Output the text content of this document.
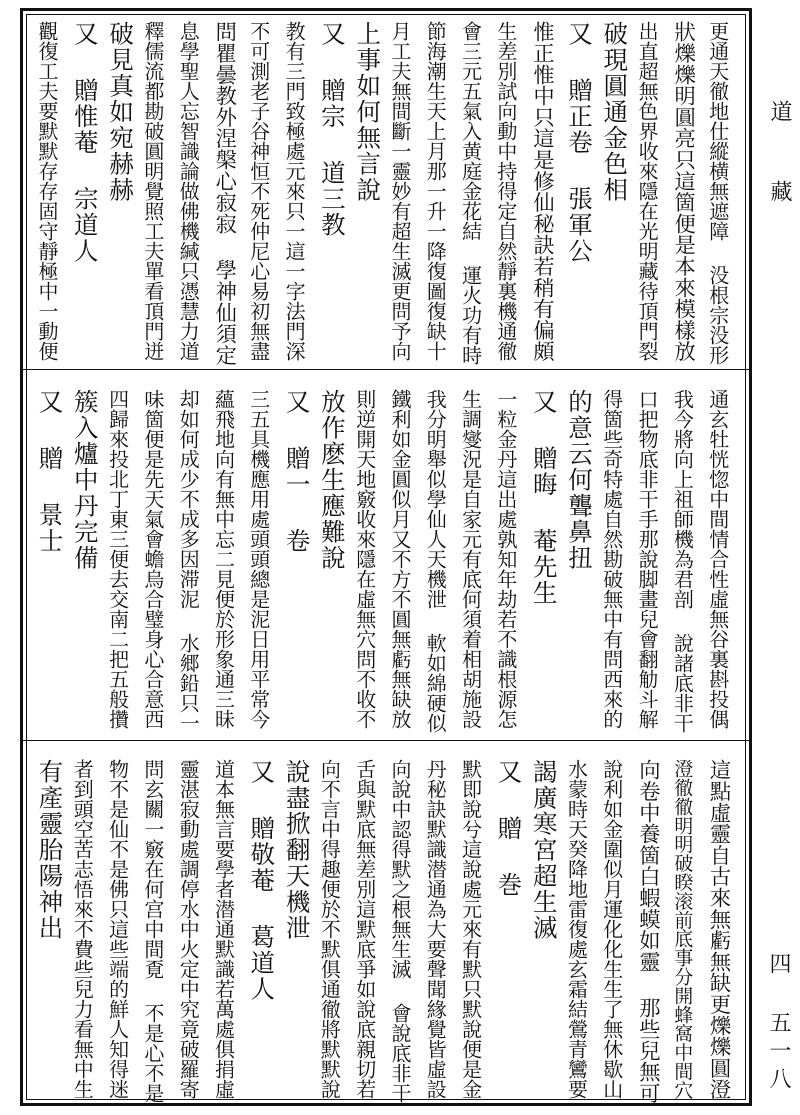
道
藏
四 五一八
更通天徹地仕縱横無遮障 没根宗没形
狀爍爍明圓亮只這箇便是本來模樣放
出直超無色界收來隱在光明藏待頂門裂
破現圓通金色相
又 贈正卷 張軍公
惟正惟中只這是修仙秘訣若稍有偏頗
生差別試向動中持得定自然靜裏機通徹
會三元五氣入黄庭金花結 運火功有時
節海潮生天上月那一升一降復圖復缺十
月工夫無間斷一靈妙有超生滅更問予向
上事如何無言說
又 贈宗 道三教
教有三門致極處元來只一這一字法門深
不可測老子谷神恒不死仲尼心易初無盡
問瞿曇教外涅槃心寂寂 學神仙須定
息學聖人忘智識論做佛機緘只憑慧力道
釋儒流都勘破圓明覺照工夫單看頂門迸
破見真如宛赫赫
又 贈惟菴 宗道人
觀復工夫要默默存存固守靜極中一動便
通玄牡恍惚中間情合性虛無谷裏斟投偶
我今將向上祖師機為君剖 說諸底非干
口把物底非干手那說脚畫兒會翻觔斗解
得箇些奇特處自然勘破無中有問西來的
的意云何聾鼻扭
又 贈晦 菴先生
一粒金丹這出處孰知年劫若不識根源怎
生調燮況是自家元有底何須着相胡施設
我分明舉似學仙人天機泄 軟如綿硬似
鐵利如金圓似月又不方不圓無虧無缺放
則逆開天地竅收來隱在虛無穴問不收不
放作麽生應難說
又 贈一 卷
三五具機應用處頭頭總是泥日用平常今
蘊飛地向有無中忘二見便於形象通三昧
却如何成少不成多因滞泥 水郷鉛只一
味箇便是先天氣會蟾烏合璧身心合意西
四歸來投北丁東三便去交南二把五般攢
簇入爐中丹完備
又 贈 景士
這點虛靈自古來無虧無缺更爍爍圓澄
澄徹徹明明破睽滚前底事分開蜂窩中間穴
向卷中養箇白蝦蟆如靈 那些兒無可
說利如金圍似月運化化生生了無休歇山
水蒙時天癸降地雷復處玄霜結鶯青鸞要
謁廣寒宮超生滅
又 贈 巻
默即說兮這說處元來有默只默說便是金
丹秘訣默識潜通為大要聲聞緣覺皆虛設
向說中認得默之根無生滅 會說底非干
舌與默底無差別這默底爭如說底親切若
向不言中得趣便於不默俱通徹將默默說
說盡掀翻天機泄
又 贈敬菴 葛道人
道本無言要學者潜通默識若萬處俱捐虛
靈湛寂動處調停水中火定中究竟破羅寄
問玄關一竅在何宫中間覔 不是心不是
物不是仙不是佛只這些端的鮮人知得迷
者到頭空苦志悟來不費些兒力看無中生
有產靈胎陽神出
